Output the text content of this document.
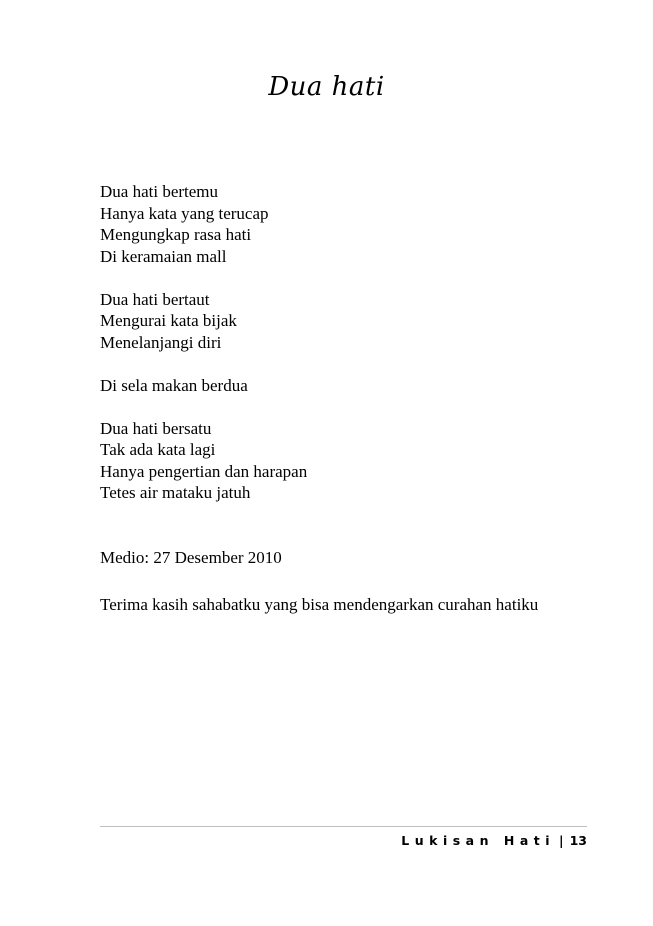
Dua hati
Dua hati bertemu
Hanya kata yang terucap
Mengungkap rasa hati
Di keramaian mall
Dua hati bertaut
Mengurai kata bijak
Menelanjangi diri
Di sela makan berdua
Dua hati bersatu
Tak ada kata lagi
Hanya pengertian dan harapan
Tetes air mataku jatuh
Medio: 27 Desember 2010
Terima kasih sahabatku yang bisa mendengarkan curahan hatiku
Lukisan Hati | 13
